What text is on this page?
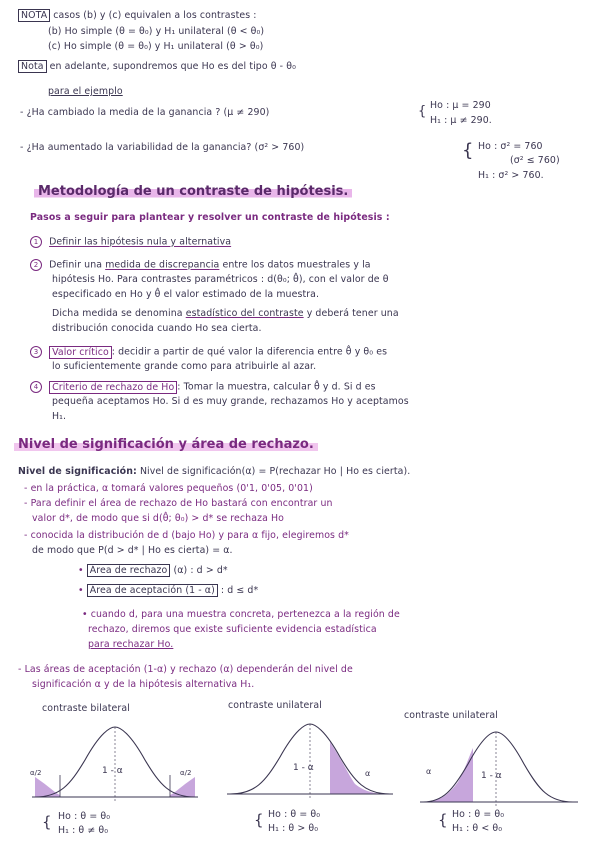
NOTA casos (b) y (c) equivalen a los contrastes :
(b) Ho simple (θ = θ₀) y H₁ unilateral (θ < θ₀)
(c) Ho simple (θ = θ₀) y H₁ unilateral (θ > θ₀)
Nota en adelante, supondremos que Ho es del tipo θ - θ₀
para el ejemplo
- ¿Ha cambiado la media de la ganancia ? (μ ≠ 290)	{ Ho : μ = 290
H₁ : μ ≠ 290.
- ¿Ha aumentado la variabilidad de la ganancia? (σ² > 760)	{ Ho : σ² = 760
(σ² ≤ 760)
H₁ : σ² > 760.
Metodología de un contraste de hipótesis.
Pasos a seguir para plantear y resolver un contraste de hipótesis :
1 Definir las hipótesis nula y alternativa
2 Definir una medida de discrepancia entre los datos muestrales y la
hipótesis Ho. Para contrastes paramétricos : d(θ₀; θ̂), con el valor de θ
especificado en Ho y θ̂ el valor estimado de la muestra.
Dicha medida se denomina estadístico del contraste y deberá tener una
distribución conocida cuando Ho sea cierta.
3 Valor crítico : decidir a partir de qué valor la diferencia entre θ̂ y θ₀ es
lo suficientemente grande como para atribuirle al azar.
4 Criterio de rechazo de Ho : Tomar la muestra, calcular θ̂ y d. Si d es
pequeña aceptamos Ho. Si d es muy grande, rechazamos Ho y aceptamos
H₁.
Nivel de significación y área de rechazo.
Nivel de significación: Nivel de significación(α) = P(rechazar Ho | Ho es cierta).
- en la práctica, α tomará valores pequeños (0'1, 0'05, 0'01)
- Para definir el área de rechazo de Ho bastará con encontrar un
valor d*, de modo que si d(θ̂; θ₀) > d* se rechaza Ho
- conocida la distribución de d (bajo Ho) y para α fijo, elegiremos d*
de modo que P(d > d* | Ho es cierta) = α.
• Área de rechazo (α) : d > d*
• Área de aceptación (1 - α) : d ≤ d*
• cuando d, para una muestra concreta, pertenezca a la región de
rechazo, diremos que existe suficiente evidencia estadística
para rechazar Ho.
- Las áreas de aceptación (1-α) y rechazo (α) dependerán del nivel de
significación α y de la hipótesis alternativa H₁.
contraste bilateral	contraste unilateral
contraste unilateral
1 - α
α/2	α/2
{ Ho : θ = θ₀
H₁ : θ ≠ θ₀
1 - α
α
{ Ho : θ = θ₀
H₁ : θ > θ₀
1 - α
α
{ Ho : θ = θ₀
H₁ : θ < θ₀
